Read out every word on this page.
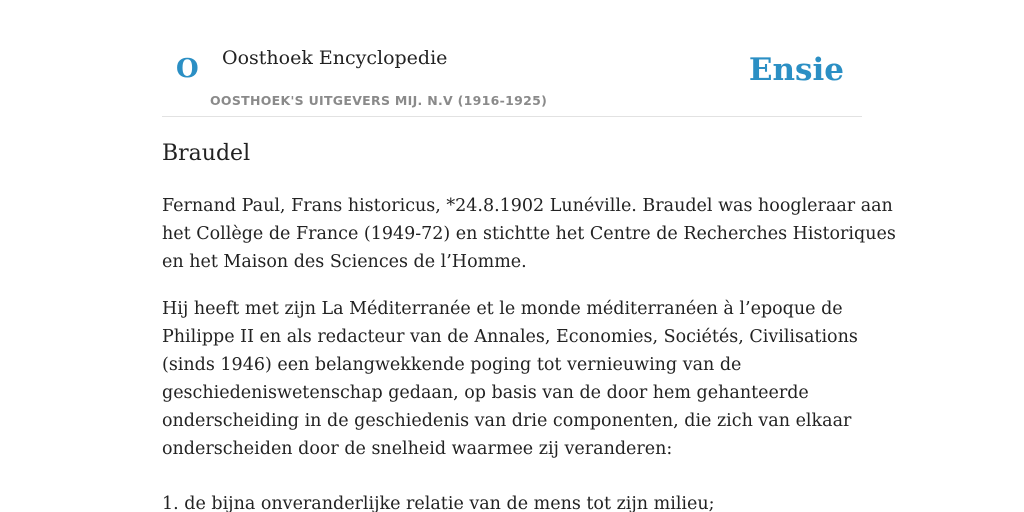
O Oosthoek Encyclopedie
OOSTHOEK'S UITGEVERS MIJ. N.V (1916-1925)
Ensie
Braudel

Fernand Paul, Frans historicus, *24.8.1902 Lunéville. Braudel was hoogleraar aan
het Collège de France (1949-72) en stichtte het Centre de Recherches Historiques
en het Maison des Sciences de l’Homme.

Hij heeft met zijn La Méditerranée et le monde méditerranéen à l’epoque de
Philippe II en als redacteur van de Annales, Economies, Sociétés, Civilisations
(sinds 1946) een belangwekkende poging tot vernieuwing van de
geschiedeniswetenschap gedaan, op basis van de door hem gehanteerde
onderscheiding in de geschiedenis van drie componenten, die zich van elkaar
onderscheiden door de snelheid waarmee zij veranderen:

1. de bijna onveranderlijke relatie van de mens tot zijn milieu;
